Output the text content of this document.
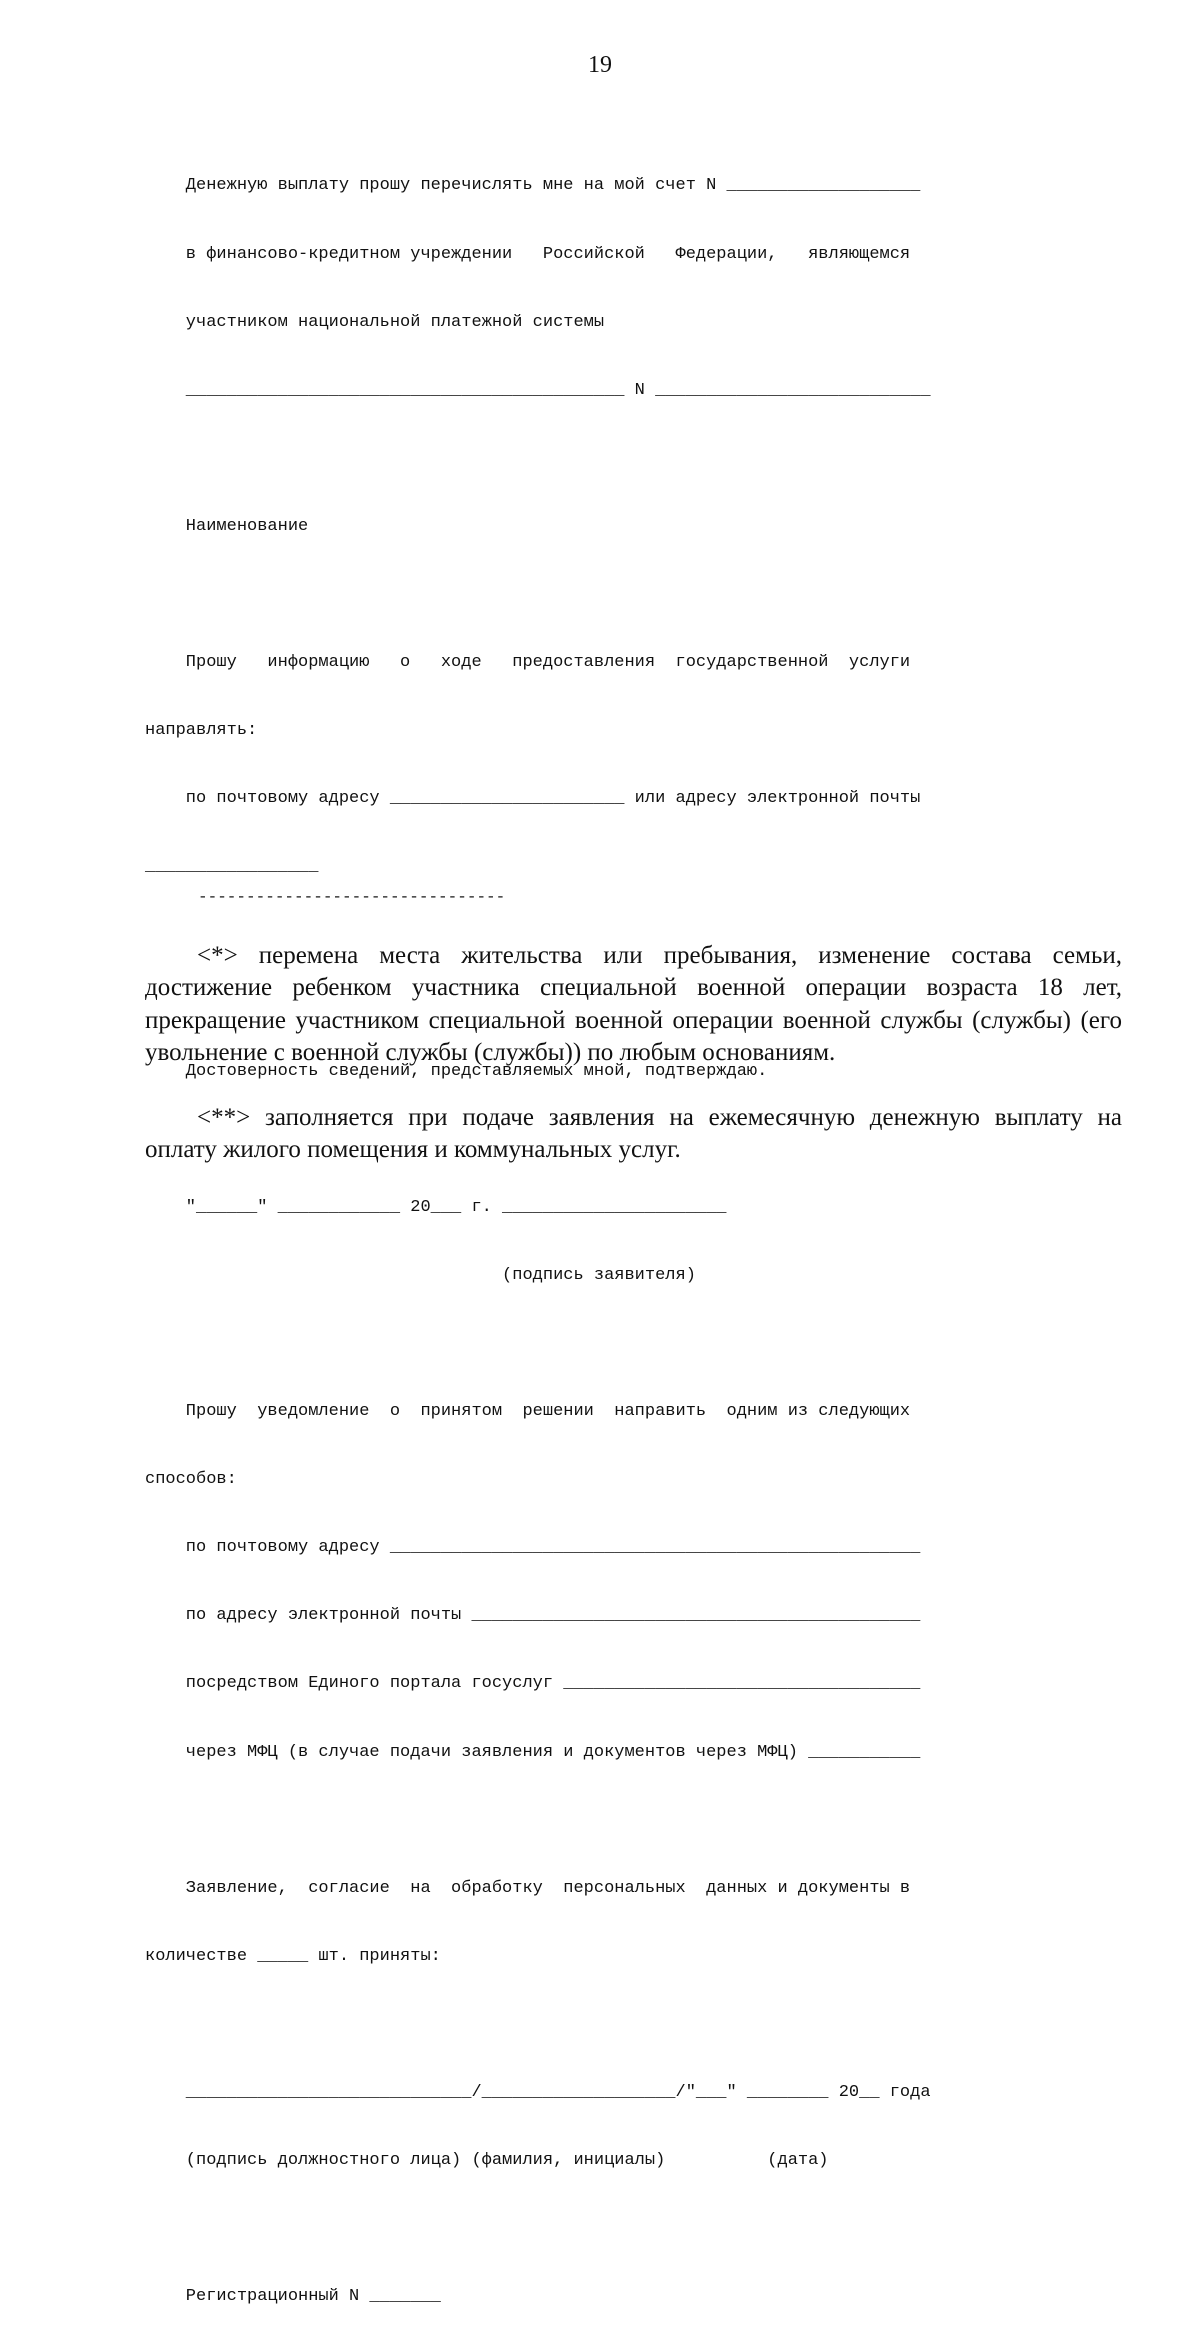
19

Денежную выплату прошу перечислять мне на мой счет N ___________________

в финансово-кредитном учреждении   Российской   Федерации,   являющемся

участником национальной платежной системы

___________________________________________ N ___________________________

Наименование

Прошу   информацию   о   ходе   предоставления  государственной  услуги

направлять:

по почтовому адресу _______________________ или адресу электронной почты

_________________

Достоверность сведений, представляемых мной, подтверждаю.

"______" ____________ 20___ г. ______________________

(подпись заявителя)

Прошу  уведомление  о  принятом  решении  направить  одним из следующих

способов:

по почтовому адресу ____________________________________________________

по адресу электронной почты ____________________________________________

посредством Единого портала госуслуг ___________________________________

через МФЦ (в случае подачи заявления и документов через МФЦ) ___________

Заявление,  согласие  на  обработку  персональных  данных и документы в

количестве _____ шт. приняты:

____________________________/___________________/"___" ________ 20__ года

(подпись должностного лица) (фамилия, инициалы)          (дата)

Регистрационный N _______

--------------------------------

<*> перемена места жительства или пребывания, изменение состава семьи, достижение ребенком участника специальной военной операции возраста 18 лет, прекращение участником специальной военной операции военной службы (службы) (его увольнение с военной службы (службы)) по любым основаниям.

<**> заполняется при подаче заявления на ежемесячную денежную выплату на оплату жилого помещения и коммунальных услуг.
